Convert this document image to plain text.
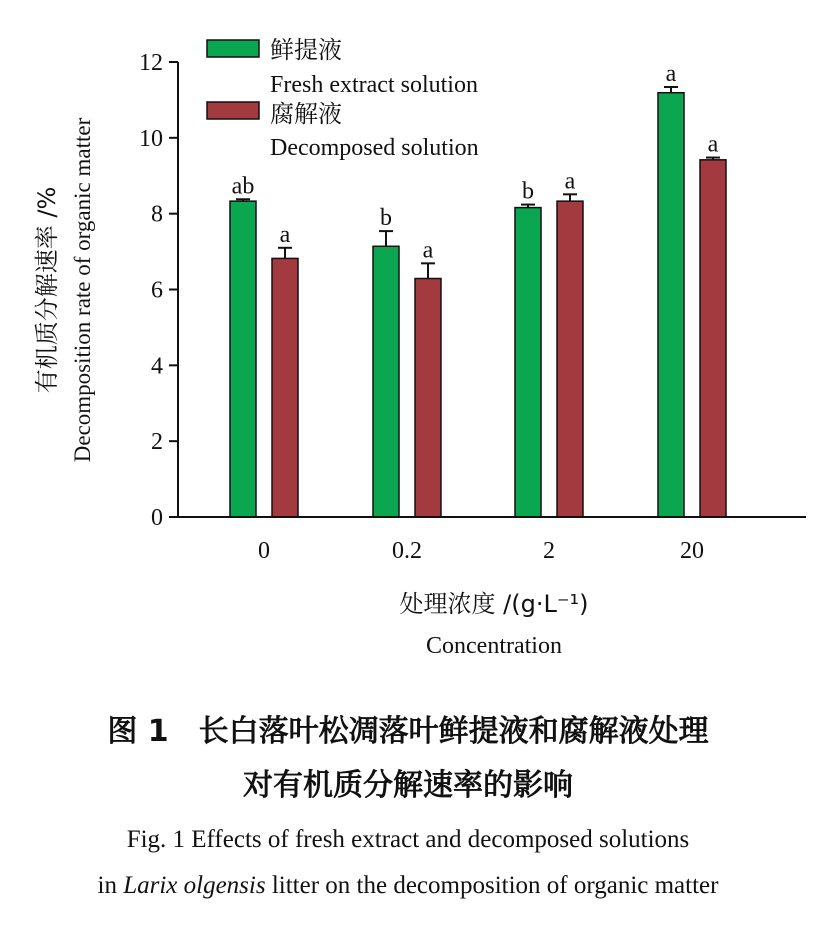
ab
b
b
a
a
a
a
a
0
2
4
6
8
10
12
0	0.2	2	20
鲜提液
Fresh extract solution
腐解液
Decomposed solution
有机质分解速率 /% Decomposition rate of organic matter
处理浓度 /(g·L⁻¹)
Concentration
图 1　长白落叶松凋落叶鲜提液和腐解液处理
对有机质分解速率的影响
Fig. 1 Effects of fresh extract and decomposed solutions
in Larix olgensis litter on the decomposition of organic matter
